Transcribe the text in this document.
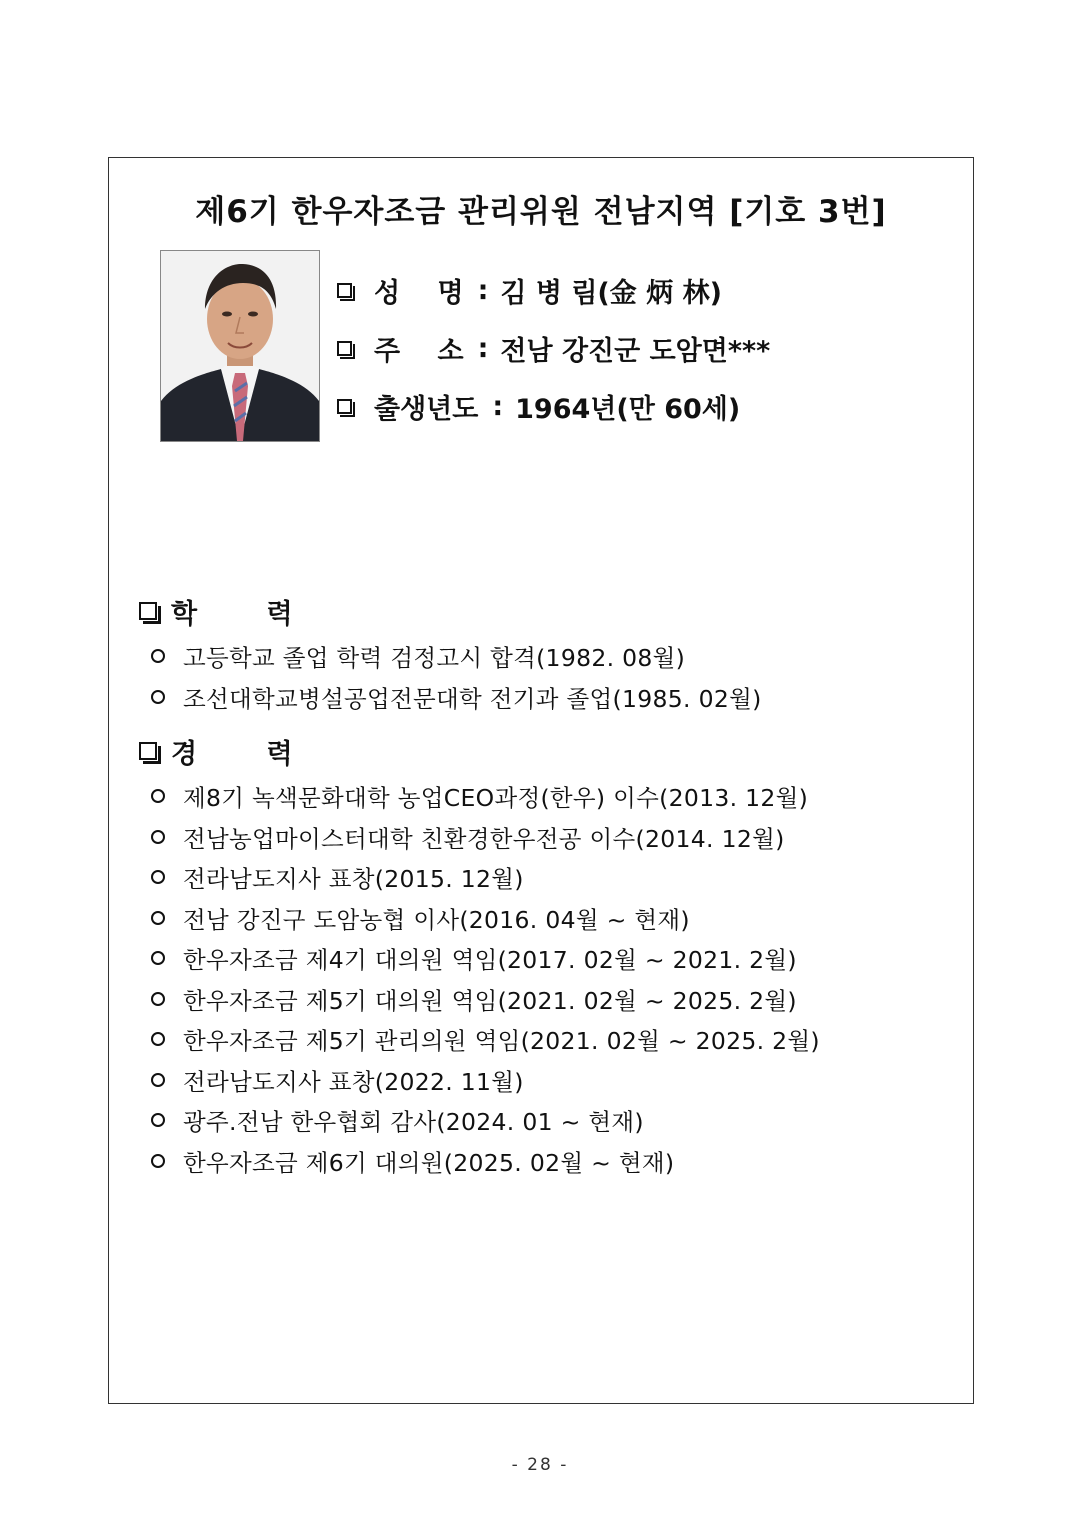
제6기 한우자조금 관리위원 전남지역 [기호 3번]
성 명 : 김 병 림(金 炳 林)
주 소 : 전남 강진군 도암면***
출생년도 : 1964년(만 60세)
학 력
고등학교 졸업 학력 검정고시 합격(1982. 08월)
조선대학교병설공업전문대학 전기과 졸업(1985. 02월)
경 력
제8기 녹색문화대학 농업CEO과정(한우) 이수(2013. 12월)
전남농업마이스터대학 친환경한우전공 이수(2014. 12월)
전라남도지사 표창(2015. 12월)
전남 강진구 도암농협 이사(2016. 04월 ~ 현재)
한우자조금 제4기 대의원 역임(2017. 02월 ~ 2021. 2월)
한우자조금 제5기 대의원 역임(2021. 02월 ~ 2025. 2월)
한우자조금 제5기 관리의원 역임(2021. 02월 ~ 2025. 2월)
전라남도지사 표창(2022. 11월)
광주.전남 한우협회 감사(2024. 01 ~ 현재)
한우자조금 제6기 대의원(2025. 02월 ~ 현재)
- 28 -
